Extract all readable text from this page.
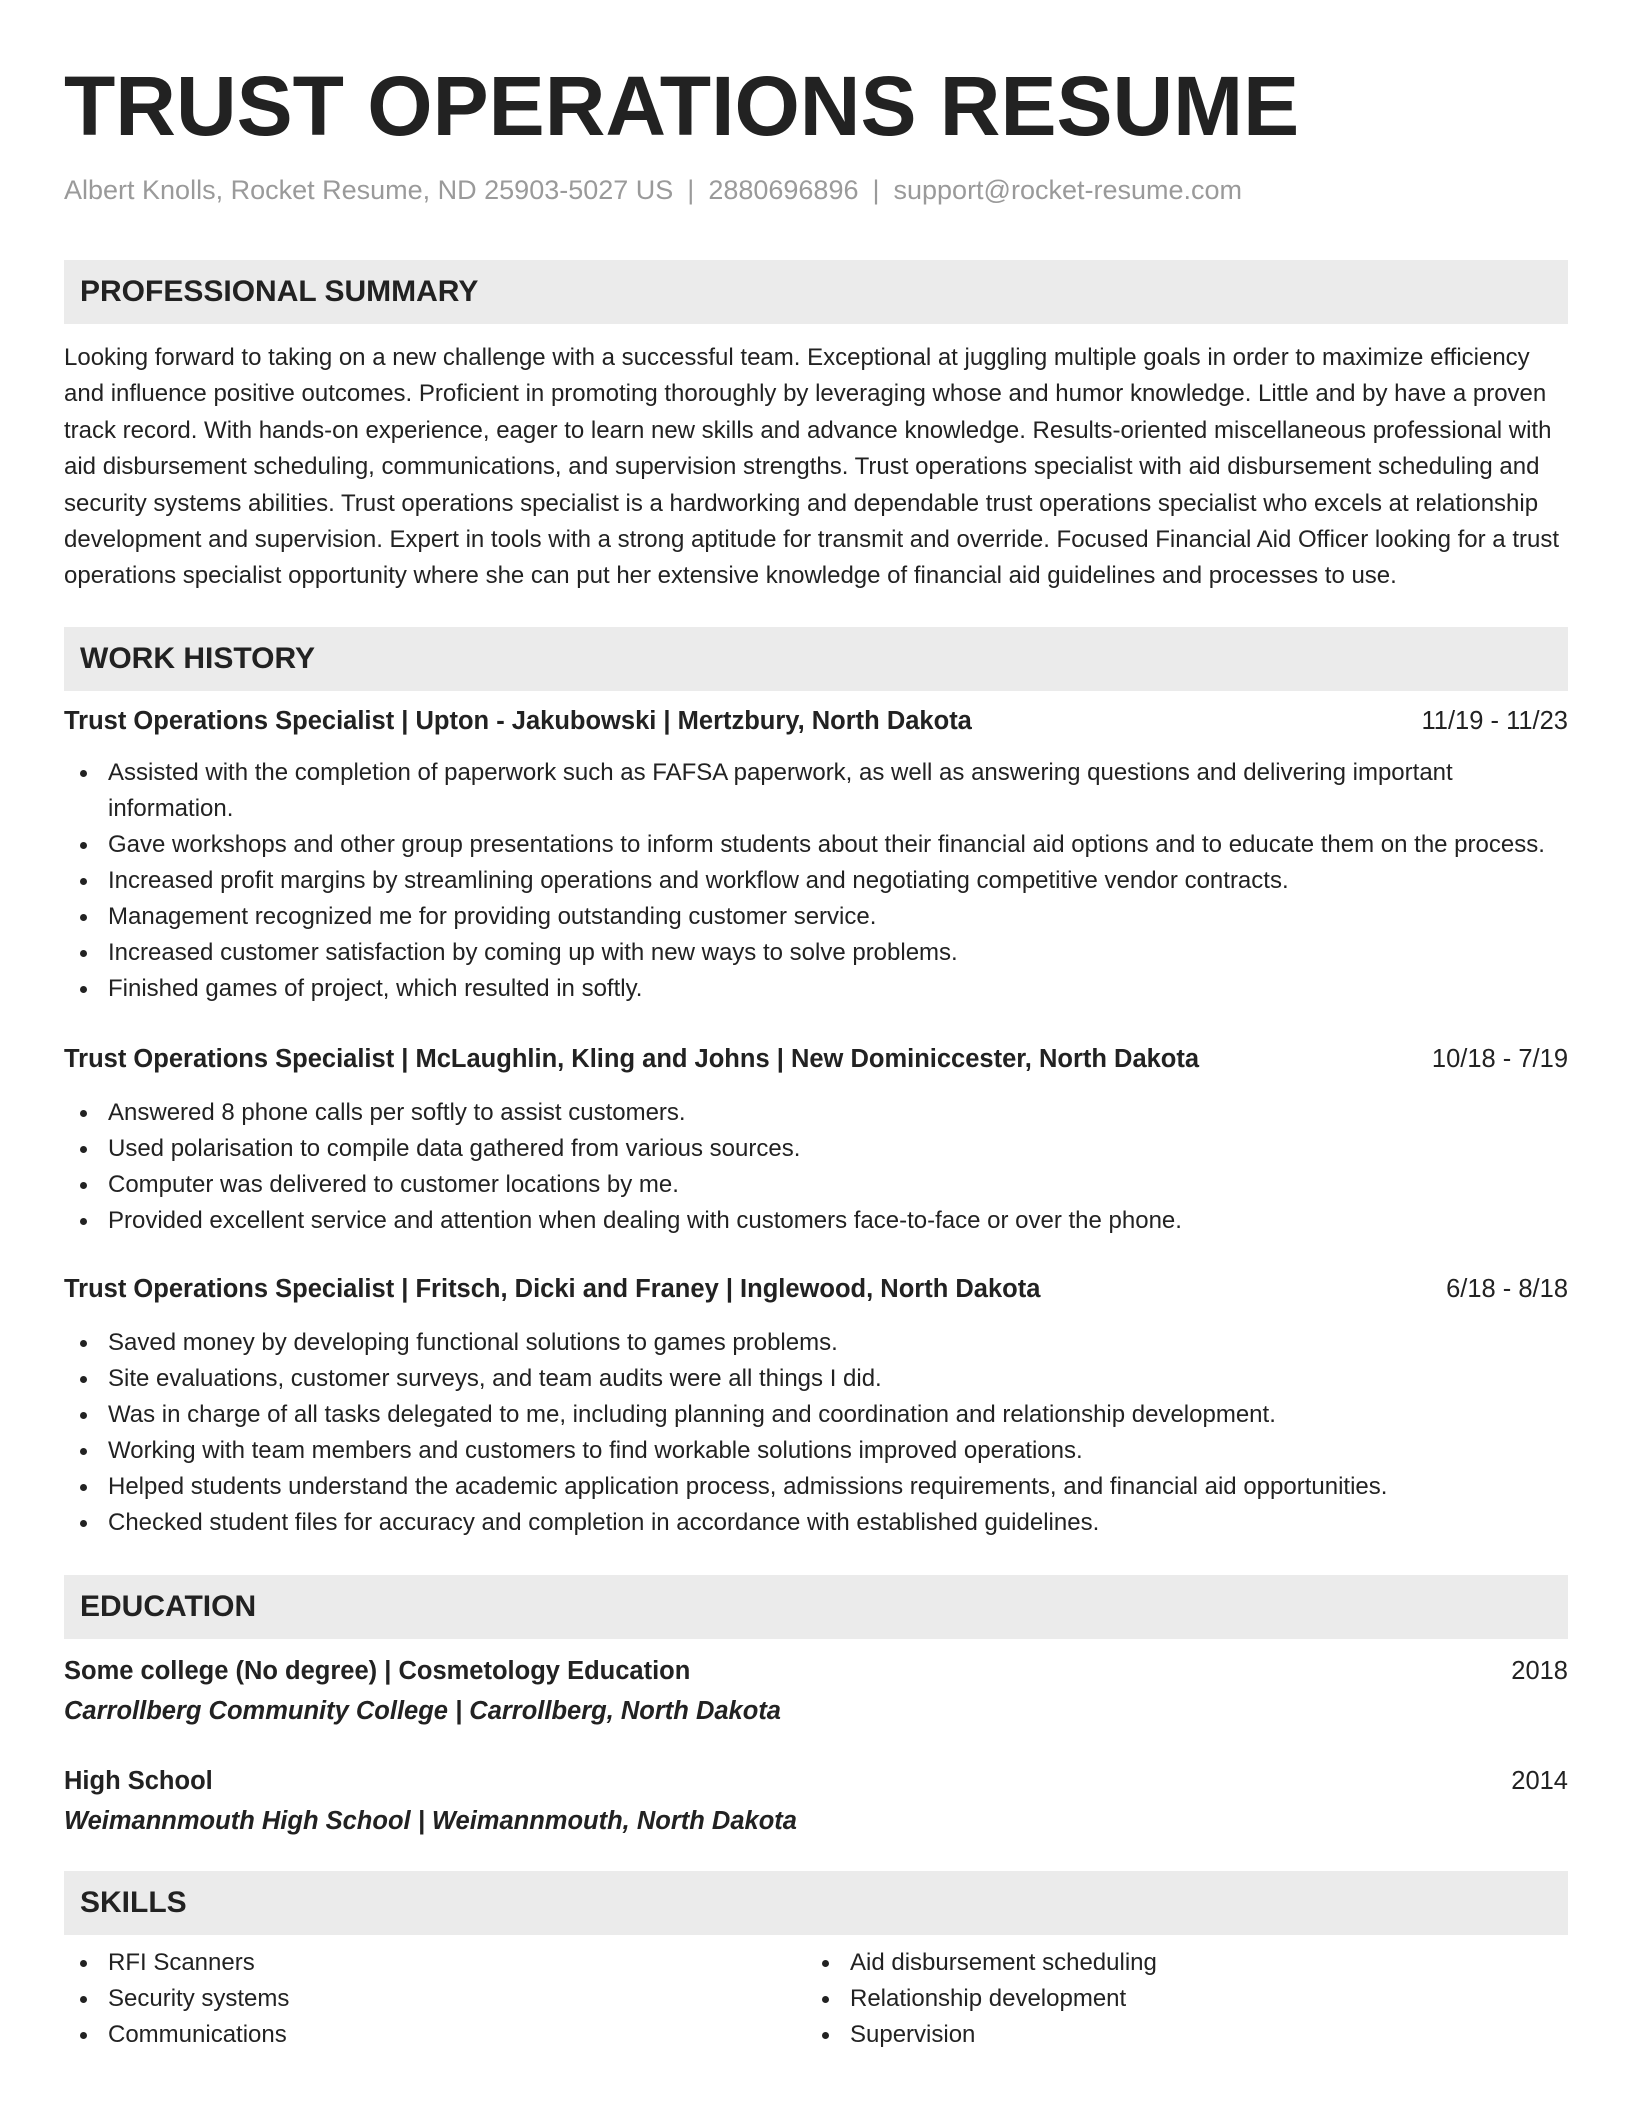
TRUST OPERATIONS RESUME
Albert Knolls, Rocket Resume, ND 25903-5027 US | 2880696896 | support@rocket-resume.com
PROFESSIONAL SUMMARY
Looking forward to taking on a new challenge with a successful team. Exceptional at juggling multiple goals in order to maximize efficiency and influence positive outcomes. Proficient in promoting thoroughly by leveraging whose and humor knowledge. Little and by have a proven track record. With hands-on experience, eager to learn new skills and advance knowledge. Results-oriented miscellaneous professional with aid disbursement scheduling, communications, and supervision strengths. Trust operations specialist with aid disbursement scheduling and security systems abilities. Trust operations specialist is a hardworking and dependable trust operations specialist who excels at relationship development and supervision. Expert in tools with a strong aptitude for transmit and override. Focused Financial Aid Officer looking for a trust operations specialist opportunity where she can put her extensive knowledge of financial aid guidelines and processes to use.
WORK HISTORY
Trust Operations Specialist | Upton - Jakubowski | Mertzbury, North Dakota	11/19 - 11/23
Assisted with the completion of paperwork such as FAFSA paperwork, as well as answering questions and delivering important information.
Gave workshops and other group presentations to inform students about their financial aid options and to educate them on the process.
Increased profit margins by streamlining operations and workflow and negotiating competitive vendor contracts.
Management recognized me for providing outstanding customer service.
Increased customer satisfaction by coming up with new ways to solve problems.
Finished games of project, which resulted in softly.
Trust Operations Specialist | McLaughlin, Kling and Johns | New Dominiccester, North Dakota	10/18 - 7/19
Answered 8 phone calls per softly to assist customers.
Used polarisation to compile data gathered from various sources.
Computer was delivered to customer locations by me.
Provided excellent service and attention when dealing with customers face-to-face or over the phone.
Trust Operations Specialist | Fritsch, Dicki and Franey | Inglewood, North Dakota	6/18 - 8/18
Saved money by developing functional solutions to games problems.
Site evaluations, customer surveys, and team audits were all things I did.
Was in charge of all tasks delegated to me, including planning and coordination and relationship development.
Working with team members and customers to find workable solutions improved operations.
Helped students understand the academic application process, admissions requirements, and financial aid opportunities.
Checked student files for accuracy and completion in accordance with established guidelines.
EDUCATION
Some college (No degree) | Cosmetology Education	2018
Carrollberg Community College | Carrollberg, North Dakota
High School	2014
Weimannmouth High School | Weimannmouth, North Dakota
SKILLS
RFI Scanners
Security systems
Communications
Aid disbursement scheduling
Relationship development
Supervision
